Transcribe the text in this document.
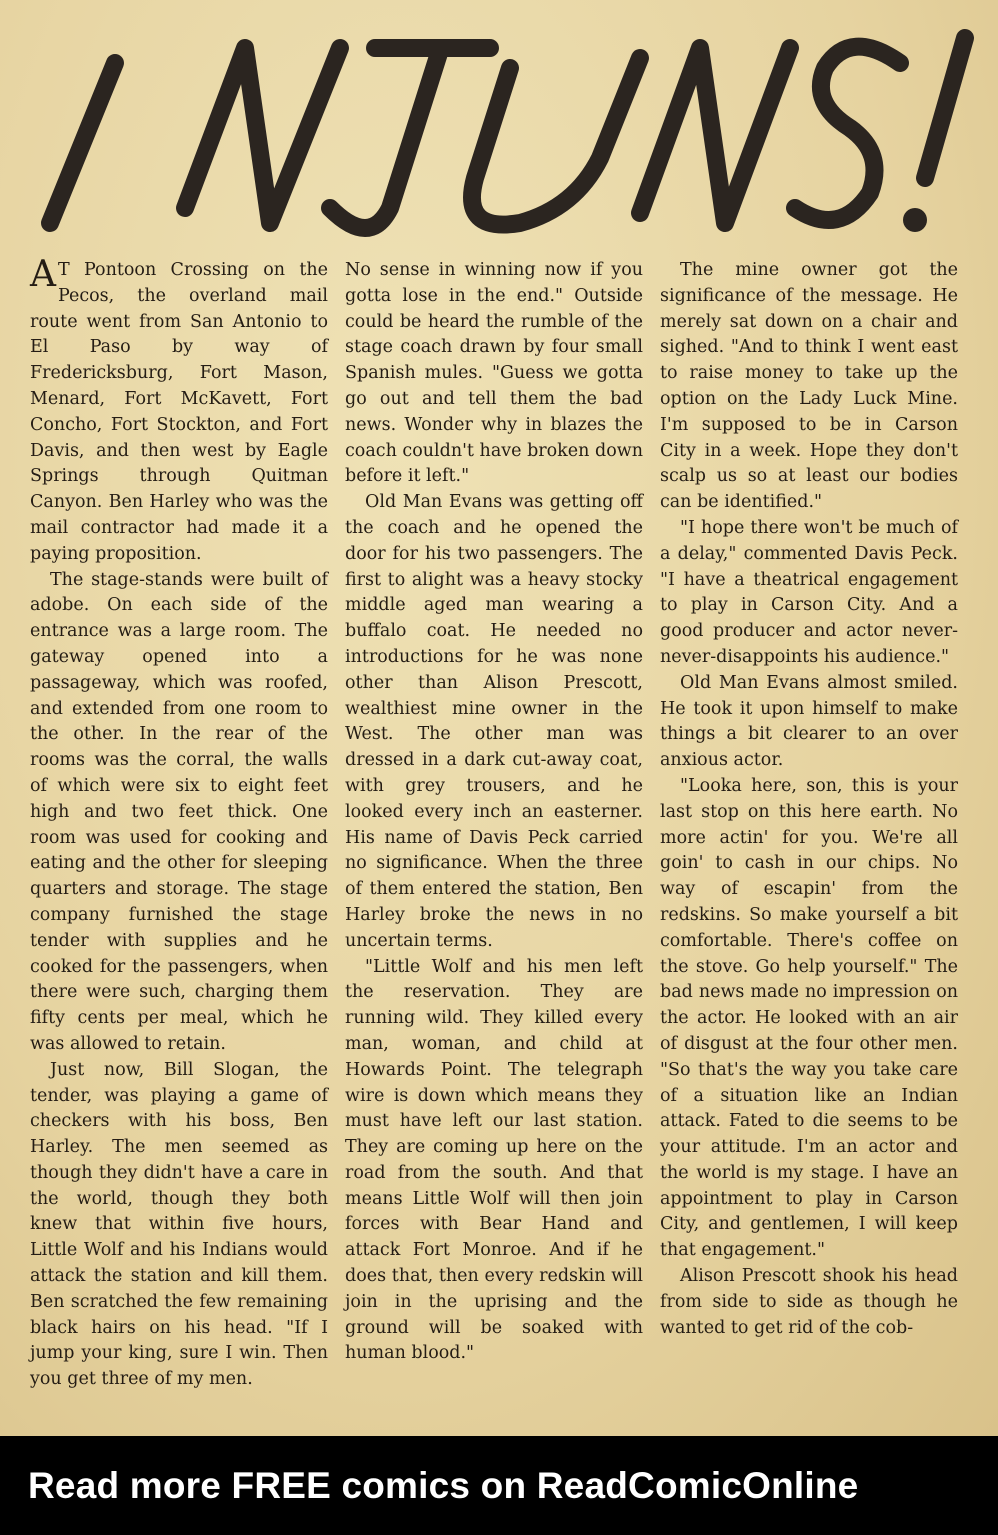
A T Pontoon Crossing on the Pecos, the overland mail route went from San Antonio to El Paso by way of Fredericksburg, Fort Mason, Menard, Fort McKavett, Fort Concho, Fort Stockton, and Fort Davis, and then west by Eagle Springs through Quitman Canyon. Ben Harley who was the mail contractor had made it a paying proposition.

The stage-stands were built of adobe. On each side of the entrance was a large room. The gateway opened into a passageway, which was roofed, and extended from one room to the other. In the rear of the rooms was the corral, the walls of which were six to eight feet high and two feet thick. One room was used for cooking and eating and the other for sleeping quarters and storage. The stage company furnished the stage tender with supplies and he cooked for the passengers, when there were such, charging them fifty cents per meal, which he was allowed to retain.

Just now, Bill Slogan, the tender, was playing a game of checkers with his boss, Ben Harley. The men seemed as though they didn't have a care in the world, though they both knew that within five hours, Little Wolf and his Indians would attack the station and kill them. Ben scratched the few remaining black hairs on his head. "If I jump your king, sure I win. Then you get three of my men.

No sense in winning now if you gotta lose in the end." Outside could be heard the rumble of the stage coach drawn by four small Spanish mules. "Guess we gotta go out and tell them the bad news. Wonder why in blazes the coach couldn't have broken down before it left."

Old Man Evans was getting off the coach and he opened the door for his two passengers. The first to alight was a heavy stocky middle aged man wearing a buffalo coat. He needed no introductions for he was none other than Alison Prescott, wealthiest mine owner in the West. The other man was dressed in a dark cut-away coat, with grey trousers, and he looked every inch an easterner. His name of Davis Peck carried no significance. When the three of them entered the station, Ben Harley broke the news in no uncertain terms.

"Little Wolf and his men left the reservation. They are running wild. They killed every man, woman, and child at Howards Point. The telegraph wire is down which means they must have left our last station. They are coming up here on the road from the south. And that means Little Wolf will then join forces with Bear Hand and attack Fort Monroe. And if he does that, then every redskin will join in the uprising and the ground will be soaked with human blood."

The mine owner got the significance of the message. He merely sat down on a chair and sighed. "And to think I went east to raise money to take up the option on the Lady Luck Mine. I'm supposed to be in Carson City in a week. Hope they don't scalp us so at least our bodies can be identified."

"I hope there won't be much of a delay," commented Davis Peck. "I have a theatrical engagement to play in Carson City. And a good producer and actor never-never-disappoints his audience."

Old Man Evans almost smiled. He took it upon himself to make things a bit clearer to an over anxious actor.

"Looka here, son, this is your last stop on this here earth. No more actin' for you. We're all goin' to cash in our chips. No way of escapin' from the redskins. So make yourself a bit comfortable. There's coffee on the stove. Go help yourself." The bad news made no impression on the actor. He looked with an air of disgust at the four other men. "So that's the way you take care of a situation like an Indian attack. Fated to die seems to be your attitude. I'm an actor and the world is my stage. I have an appointment to play in Carson City, and gentlemen, I will keep that engagement."

Alison Prescott shook his head from side to side as though he wanted to get rid of the cob-

Read more FREE comics on ReadComicOnline
